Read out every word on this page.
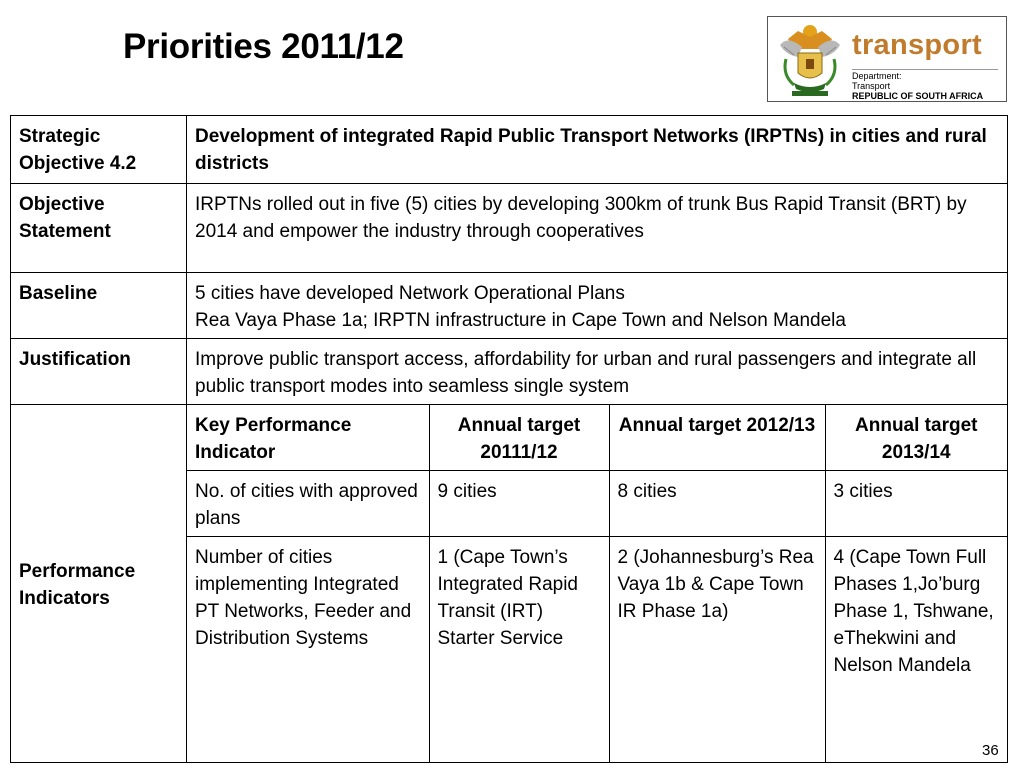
Priorities 2011/12	transport
Department:
Transport
REPUBLIC OF SOUTH AFRICA
Strategic Objective 4.2	Development of integrated Rapid Public Transport Networks (IRPTNs) in cities and rural districts
Objective Statement	IRPTNs rolled out in five (5) cities by developing 300km of trunk Bus Rapid Transit (BRT) by 2014 and empower the industry through cooperatives
Baseline	5 cities have developed Network Operational Plans
Rea Vaya Phase 1a; IRPTN infrastructure in Cape Town and Nelson Mandela

Justification	Improve public transport access, affordability for urban and rural passengers and integrate all public transport modes into seamless single system
Performance Indicators	
Key Performance Indicator	Annual target 20111/12	Annual target 2012/13	Annual target 2013/14
No. of cities with approved plans	9 cities	8 cities	3 cities
Number of cities implementing Integrated PT Networks, Feeder and Distribution Systems	1 (Cape Town’s Integrated Rapid Transit (IRT) Starter Service	2 (Johannesburg’s Rea Vaya 1b & Cape Town IR Phase 1a)	4 (Cape Town Full Phases 1,Jo’burg Phase 1, Tshwane, eThekwini and Nelson Mandela
36
